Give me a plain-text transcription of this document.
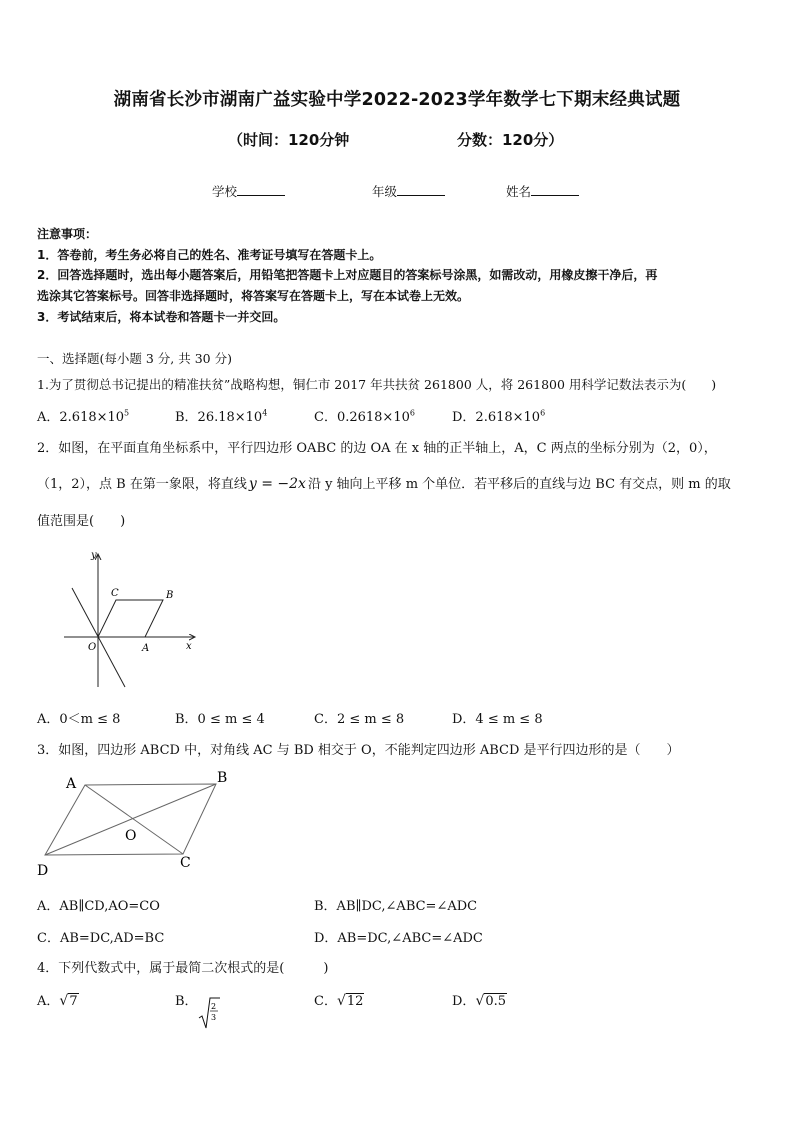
湖南省长沙市湖南广益实验中学2022-2023学年数学七下期末经典试题
（时间：120分钟	分数：120分）
学校	年级	姓名
注意事项：
1．答卷前，考生务必将自己的姓名、准考证号填写在答题卡上。
2．回答选择题时，选出每小题答案后，用铅笔把答题卡上对应题目的答案标号涂黑，如需改动，用橡皮擦干净后，再
选涂其它答案标号。回答非选择题时，将答案写在答题卡上，写在本试卷上无效。
3．考试结束后，将本试卷和答题卡一并交回。
一、选择题(每小题 3 分, 共 30 分)
1.为了贯彻总书记提出的精准扶贫”战略构想，铜仁市 2017 年共扶贫 261800 人，将 261800 用科学记数法表示为(　　)
A．$2.618\times 10^5$	B．$26.18\times 10^4$	C．$0.2618\times 10^6$	D．$2.618\times 10^6$
2．如图，在平面直角坐标系中，平行四边形 OABC 的边 OA 在 x 轴的正半轴上，A，C 两点的坐标分别为（2，0），
（1，2），点 B 在第一象限，将直线 y = −2x 沿 y 轴向上平移 m 个单位．若平移后的直线与边 BC 有交点，则 m 的取
值范围是(　　)
y
x
O	A
B
C
A．0＜m ≤ 8	B．0 ≤ m ≤ 4	C．2 ≤ m ≤ 8	D．4 ≤ m ≤ 8
3．如图，四边形 ABCD 中，对角线 AC 与 BD 相交于 O，不能判定四边形 ABCD 是平行四边形的是（　　）
A	B
C
D
O
A．AB∥CD,AO=CO	B．AB∥DC,∠ABC=∠ADC
C．AB=DC,AD=BC	D．AB=DC,∠ABC=∠ADC
4．下列代数式中，属于最简二次根式的是(　　　)
A．√7	B． 2
3
C．√12	D．√0.5
